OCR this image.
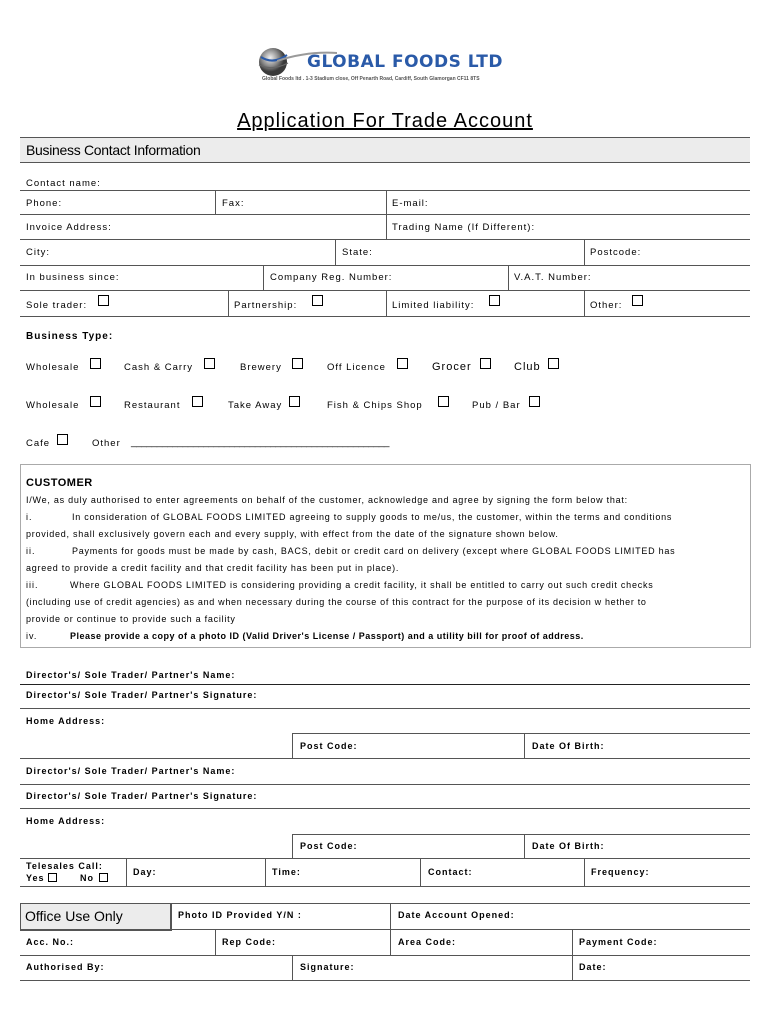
GLOBAL FOODS LTD
Global Foods ltd . 1-3 Stadium close, Off Penarth Road, Cardiff, South Glamorgan CF11 8TS
Application For Trade Account
Business Contact Information
Contact name:
Phone:	Fax:	E-mail:
Invoice Address:	Trading Name (If Different):
City:	State:	Postcode:
In business since:	Company Reg. Number:	V.A.T. Number:
Sole trader:	Partnership:	Limited liability:	Other:
Business Type:
Wholesale	Cash & Carry	Brewery	Off Licence	Grocer	Club
Wholesale	Restaurant	Take Away	Fish & Chips Shop	Pub / Bar
Cafe	Other __________________________________________________
CUSTOMER
I/We, as duly authorised to enter agreements on behalf of the customer, acknowledge and agree by signing the form below that:
i.	In consideration of GLOBAL FOODS LIMITED agreeing to supply goods to me/us, the customer, within the terms and conditions
provided, shall exclusively govern each and every supply, with effect from the date of the signature shown below.
ii.	Payments for goods must be made by cash, BACS, debit or credit card on delivery (except where GLOBAL FOODS LIMITED has
agreed to provide a credit facility and that credit facility has been put in place).
iii.	Where GLOBAL FOODS LIMITED is considering providing a credit facility, it shall be entitled to carry out such credit checks
(including use of credit agencies) as and when necessary during the course of this contract for the purpose of its decision w hether to
provide or continue to provide such a facility
iv.	Please provide a copy of a photo ID (Valid Driver's License / Passport) and a utility bill for proof of address.
Director's/ Sole Trader/ Partner's Name:
Director's/ Sole Trader/ Partner's Signature:
Home Address:
Post Code:	Date Of Birth:
Director's/ Sole Trader/ Partner's Name:
Director's/ Sole Trader/ Partner's Signature:
Home Address:
Post Code:	Date Of Birth:
Telesales Call:
Yes	No
Day:	Time:	Contact:	Frequency:
Office Use Only	Photo ID Provided Y/N :	Date Account Opened:
Acc. No.:	Rep Code:	Area Code:	Payment Code:
Authorised By:	Signature:	Date:
